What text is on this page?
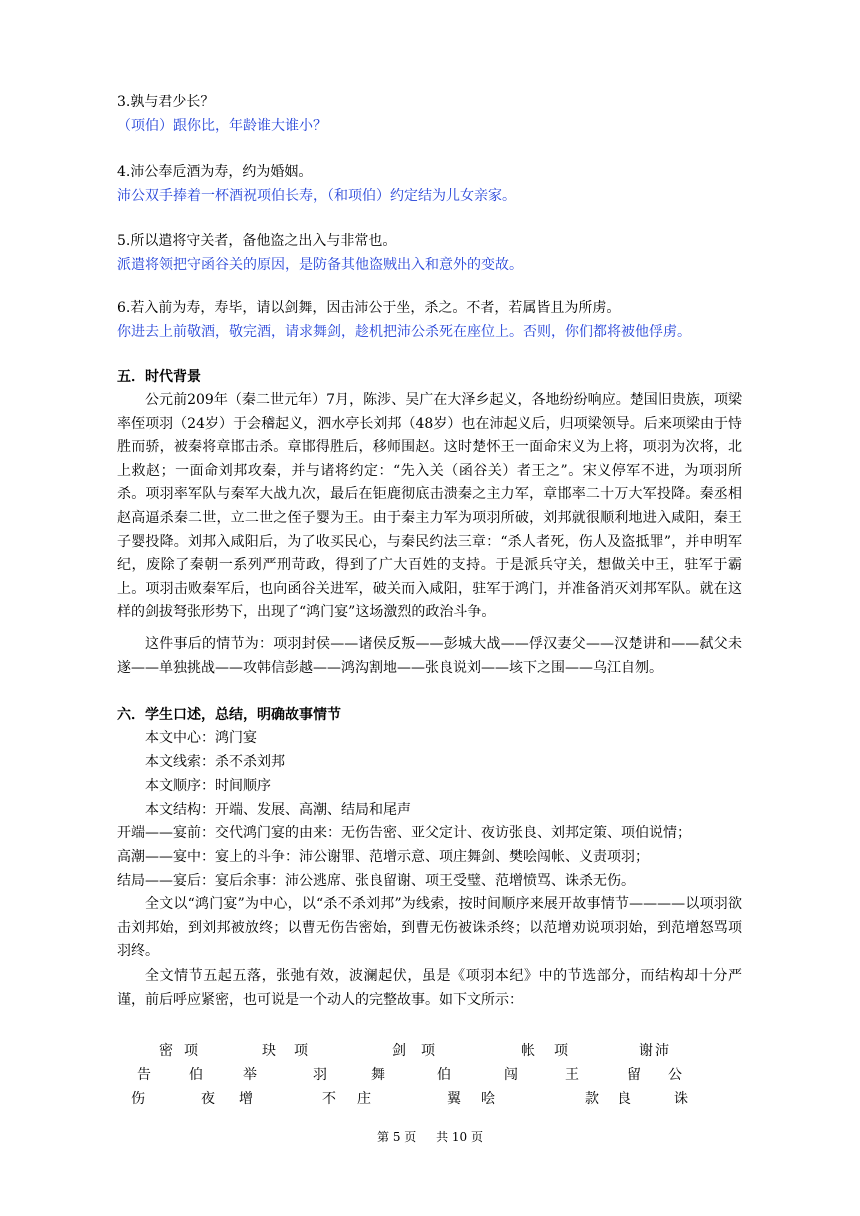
3.孰与君少长？
（项伯）跟你比，年龄谁大谁小？
4.沛公奉卮酒为寿，约为婚姻。
沛公双手捧着一杯酒祝项伯长寿，（和项伯）约定结为儿女亲家。
5.所以遣将守关者，备他盗之出入与非常也。
派遣将领把守函谷关的原因，是防备其他盗贼出入和意外的变故。
6.若入前为寿，寿毕，请以剑舞，因击沛公于坐，杀之。不者，若属皆且为所虏。
你进去上前敬酒，敬完酒，请求舞剑，趁机把沛公杀死在座位上。否则，你们都将被他俘虏。
五．时代背景
公元前209年（秦二世元年）7月，陈涉、吴广在大泽乡起义，各地纷纷响应。楚国旧贵族，项梁率侄项羽（24岁）于会稽起义，泗水亭长刘邦（48岁）也在沛起义后，归项梁领导。后来项梁由于恃胜而骄，被秦将章邯击杀。章邯得胜后，移师围赵。这时楚怀王一面命宋义为上将，项羽为次将，北上救赵；一面命刘邦攻秦，并与诸将约定：“先入关（函谷关）者王之”。宋义停军不进，为项羽所杀。项羽率军队与秦军大战九次，最后在钜鹿彻底击溃秦之主力军，章邯率二十万大军投降。秦丞相赵高逼杀秦二世，立二世之侄子婴为王。由于秦主力军为项羽所破，刘邦就很顺利地进入咸阳，秦王子婴投降。刘邦入咸阳后，为了收买民心，与秦民约法三章：“杀人者死，伤人及盗抵罪”，并申明军纪，废除了秦朝一系列严刑苛政，得到了广大百姓的支持。于是派兵守关，想做关中王，驻军于霸上。项羽击败秦军后，也向函谷关进军，破关而入咸阳，驻军于鸿门，并准备消灭刘邦军队。就在这样的剑拔弩张形势下，出现了“鸿门宴”这场激烈的政治斗争。
这件事后的情节为：项羽封侯——诸侯反叛——彭城大战——俘汉妻父——汉楚讲和——弑父未遂——单独挑战——攻韩信彭越——鸿沟割地——张良说刘——垓下之围——乌江自刎。
六．学生口述，总结，明确故事情节
本文中心：鸿门宴
本文线索：杀不杀刘邦
本文顺序：时间顺序
本文结构：开端、发展、高潮、结局和尾声
开端——宴前：交代鸿门宴的由来：无伤告密、亚父定计、夜访张良、刘邦定策、项伯说情；
高潮——宴中：宴上的斗争：沛公谢罪、范增示意、项庄舞剑、樊哙闯帐、义责项羽；
结局——宴后：宴后余事：沛公逃席、张良留谢、项王受璧、范增愤骂、诛杀无伤。
全文以“鸿门宴”为中心，以“杀不杀刘邦”为线索，按时间顺序来展开故事情节————以项羽欲击刘邦始，到刘邦被放终；以曹无伤告密始，到曹无伤被诛杀终；以范增劝说项羽始，到范增怒骂项羽终。
全文情节五起五落，张弛有效，波澜起伏，虽是《项羽本纪》中的节选部分，而结构却十分严谨，前后呼应紧密，也可说是一个动人的完整故事。如下文所示：
密 项	玦 项	剑 项	帐 项	谢 沛
告	伯	举	羽	舞	伯	闯	王	留 公
伤	夜 增	不 庄	翼 哙	款 良	诛
第 5 页 共 10 页
